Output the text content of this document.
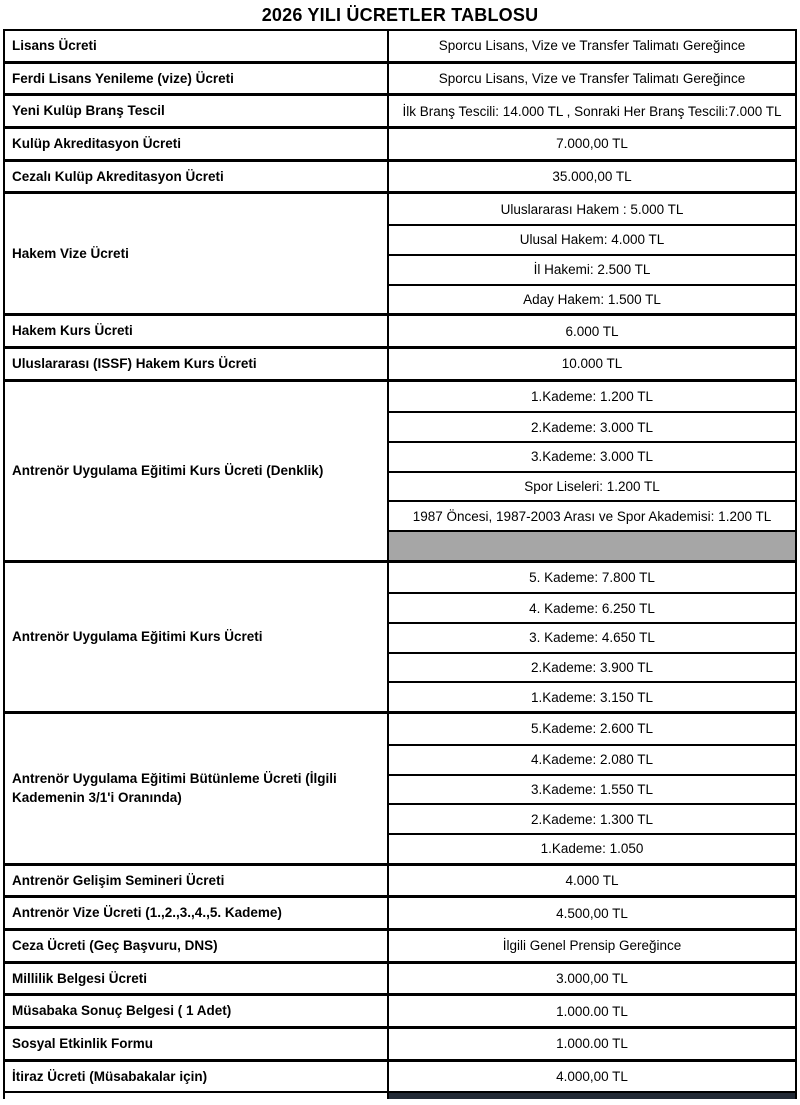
2026 YILI ÜCRETLER TABLOSU
Lisans Ücreti	Sporcu Lisans, Vize ve Transfer Talimatı Gereğince
Ferdi Lisans Yenileme (vize) Ücreti	Sporcu Lisans, Vize ve Transfer Talimatı Gereğince
Yeni Kulüp Branş Tescil	İlk Branş Tescili: 14.000 TL , Sonraki Her Branş Tescili:7.000 TL
Kulüp Akreditasyon Ücreti	7.000,00 TL
Cezalı Kulüp Akreditasyon Ücreti	35.000,00 TL
Hakem Vize Ücreti
Uluslararası Hakem : 5.000 TL
Ulusal Hakem: 4.000 TL
İl Hakemi: 2.500 TL
Aday Hakem: 1.500 TL
Hakem Kurs Ücreti	6.000 TL
Uluslararası (ISSF) Hakem Kurs Ücreti	10.000 TL
Antrenör Uygulama Eğitimi Kurs Ücreti (Denklik)
1.Kademe: 1.200 TL
2.Kademe: 3.000 TL
3.Kademe: 3.000 TL
Spor Liseleri: 1.200 TL
1987 Öncesi, 1987-2003 Arası ve Spor Akademisi: 1.200 TL
Antrenör Uygulama Eğitimi Kurs Ücreti
5. Kademe: 7.800 TL
4. Kademe: 6.250 TL
3. Kademe: 4.650 TL
2.Kademe: 3.900 TL
1.Kademe: 3.150 TL
Antrenör Uygulama Eğitimi Bütünleme Ücreti (İlgili Kademenin 3/1'i Oranında)
5.Kademe: 2.600 TL
4.Kademe: 2.080 TL
3.Kademe: 1.550 TL
2.Kademe: 1.300 TL
1.Kademe: 1.050
Antrenör Gelişim Semineri Ücreti	4.000 TL
Antrenör Vize Ücreti (1.,2.,3.,4.,5. Kademe)	4.500,00 TL
Ceza Ücreti (Geç Başvuru, DNS)	İlgili Genel Prensip Gereğince
Millilik Belgesi Ücreti	3.000,00 TL
Müsabaka Sonuç Belgesi ( 1 Adet)	1.000.00 TL
Sosyal Etkinlik Formu	1.000.00 TL
İtiraz Ücreti (Müsabakalar için)	4.000,00 TL
